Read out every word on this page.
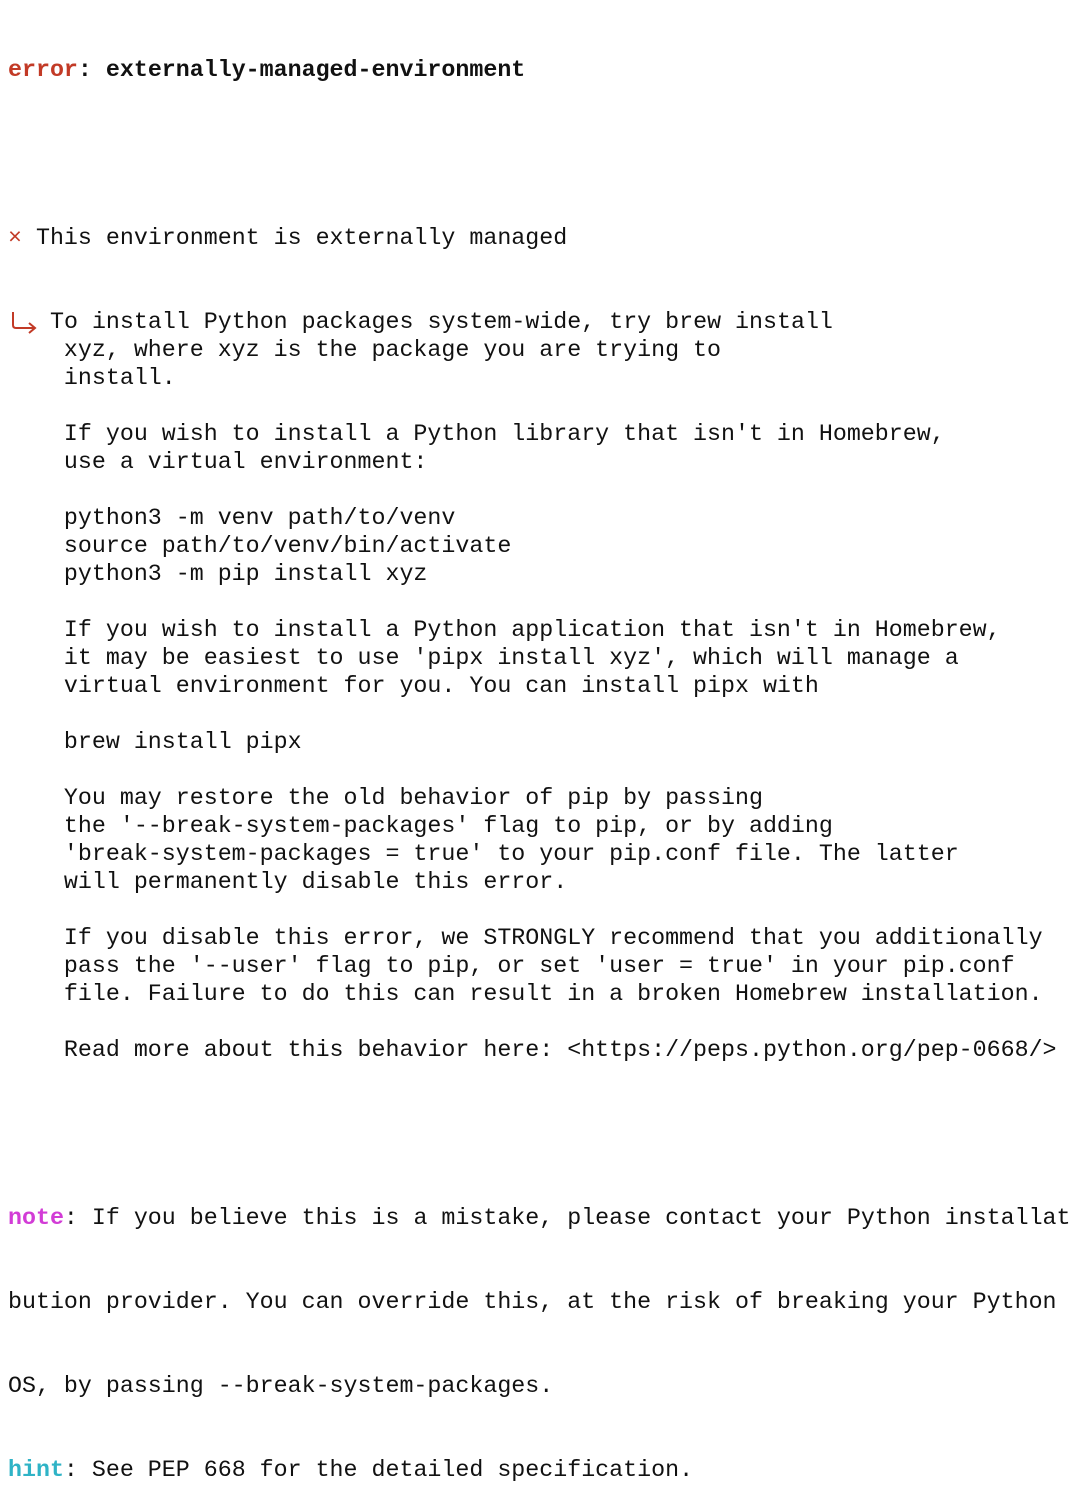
error: externally-managed-environment

× This environment is externally managed

To install Python packages system-wide, try brew install
xyz, where xyz is the package you are trying to
install.

If you wish to install a Python library that isn't in Homebrew,
use a virtual environment:

python3 -m venv path/to/venv
source path/to/venv/bin/activate
python3 -m pip install xyz

If you wish to install a Python application that isn't in Homebrew,
it may be easiest to use 'pipx install xyz', which will manage a
virtual environment for you. You can install pipx with

brew install pipx

You may restore the old behavior of pip by passing
the '--break-system-packages' flag to pip, or by adding
'break-system-packages = true' to your pip.conf file. The latter
will permanently disable this error.

If you disable this error, we STRONGLY recommend that you additionally
pass the '--user' flag to pip, or set 'user = true' in your pip.conf
file. Failure to do this can result in a broken Homebrew installation.

Read more about this behavior here: <https://peps.python.org/pep-0668/>

note: If you believe this is a mistake, please contact your Python installat

bution provider. You can override this, at the risk of breaking your Python

OS, by passing --break-system-packages.

hint: See PEP 668 for the detailed specification.
